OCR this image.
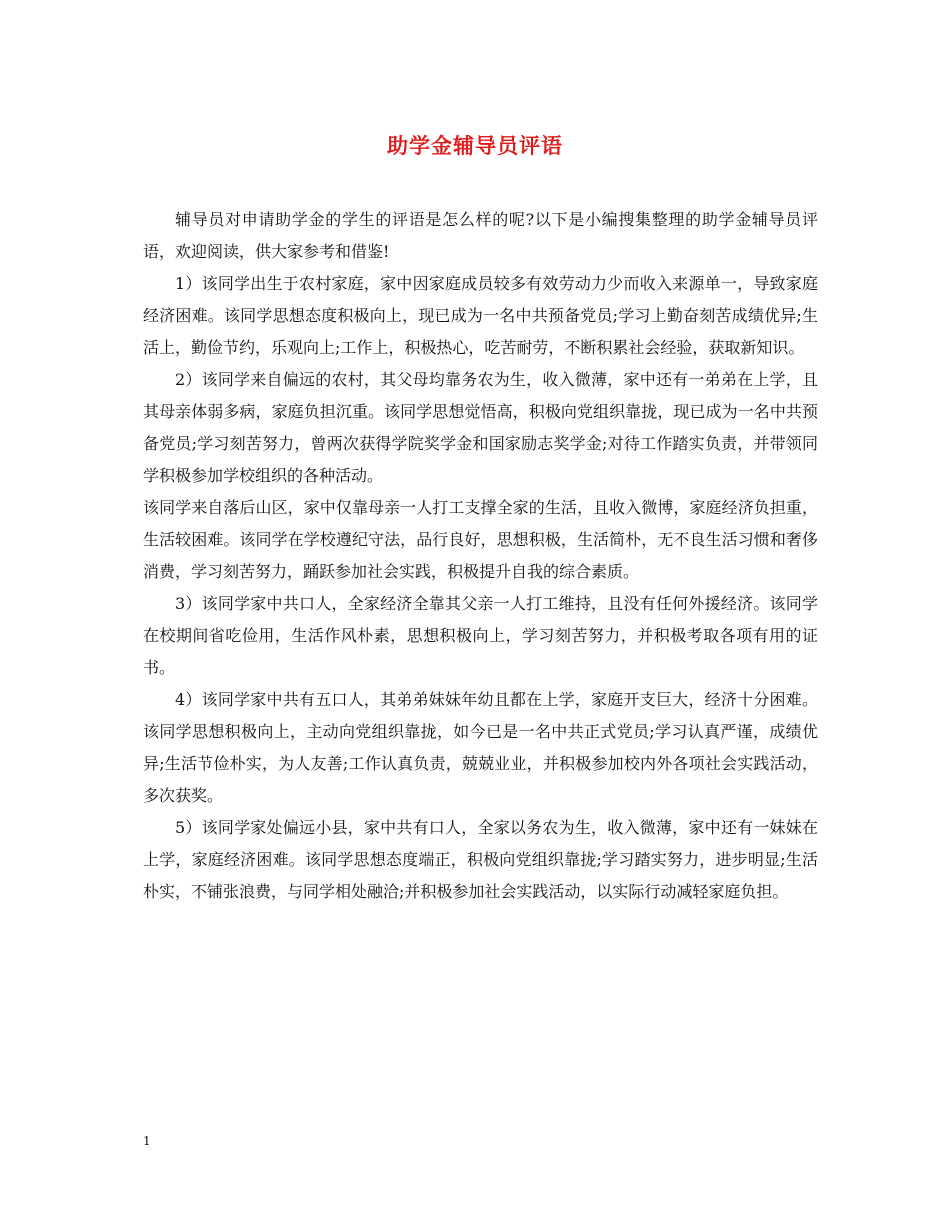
助学金辅导员评语

辅导员对申请助学金的学生的评语是怎么样的呢?以下是小编搜集整理的助学金辅导员评语，欢迎阅读，供大家参考和借鉴!

1）该同学出生于农村家庭，家中因家庭成员较多有效劳动力少而收入来源单一，导致家庭经济困难。该同学思想态度积极向上，现已成为一名中共预备党员;学习上勤奋刻苦成绩优异;生活上，勤俭节约，乐观向上;工作上，积极热心，吃苦耐劳，不断积累社会经验，获取新知识。

2）该同学来自偏远的农村，其父母均靠务农为生，收入微薄，家中还有一弟弟在上学，且其母亲体弱多病，家庭负担沉重。该同学思想觉悟高，积极向党组织靠拢，现已成为一名中共预备党员;学习刻苦努力，曾两次获得学院奖学金和国家励志奖学金;对待工作踏实负责，并带领同学积极参加学校组织的各种活动。

该同学来自落后山区，家中仅靠母亲一人打工支撑全家的生活，且收入微博，家庭经济负担重，生活较困难。该同学在学校遵纪守法，品行良好，思想积极，生活简朴，无不良生活习惯和奢侈消费，学习刻苦努力，踊跃参加社会实践，积极提升自我的综合素质。

3）该同学家中共口人，全家经济全靠其父亲一人打工维持，且没有任何外援经济。该同学在校期间省吃俭用，生活作风朴素，思想积极向上，学习刻苦努力，并积极考取各项有用的证书。

4）该同学家中共有五口人，其弟弟妹妹年幼且都在上学，家庭开支巨大，经济十分困难。该同学思想积极向上，主动向党组织靠拢，如今已是一名中共正式党员;学习认真严谨，成绩优异;生活节俭朴实，为人友善;工作认真负责，兢兢业业，并积极参加校内外各项社会实践活动，多次获奖。

5）该同学家处偏远小县，家中共有口人，全家以务农为生，收入微薄，家中还有一妹妹在上学，家庭经济困难。该同学思想态度端正，积极向党组织靠拢;学习踏实努力，进步明显;生活朴实，不铺张浪费，与同学相处融洽;并积极参加社会实践活动，以实际行动减轻家庭负担。

1
